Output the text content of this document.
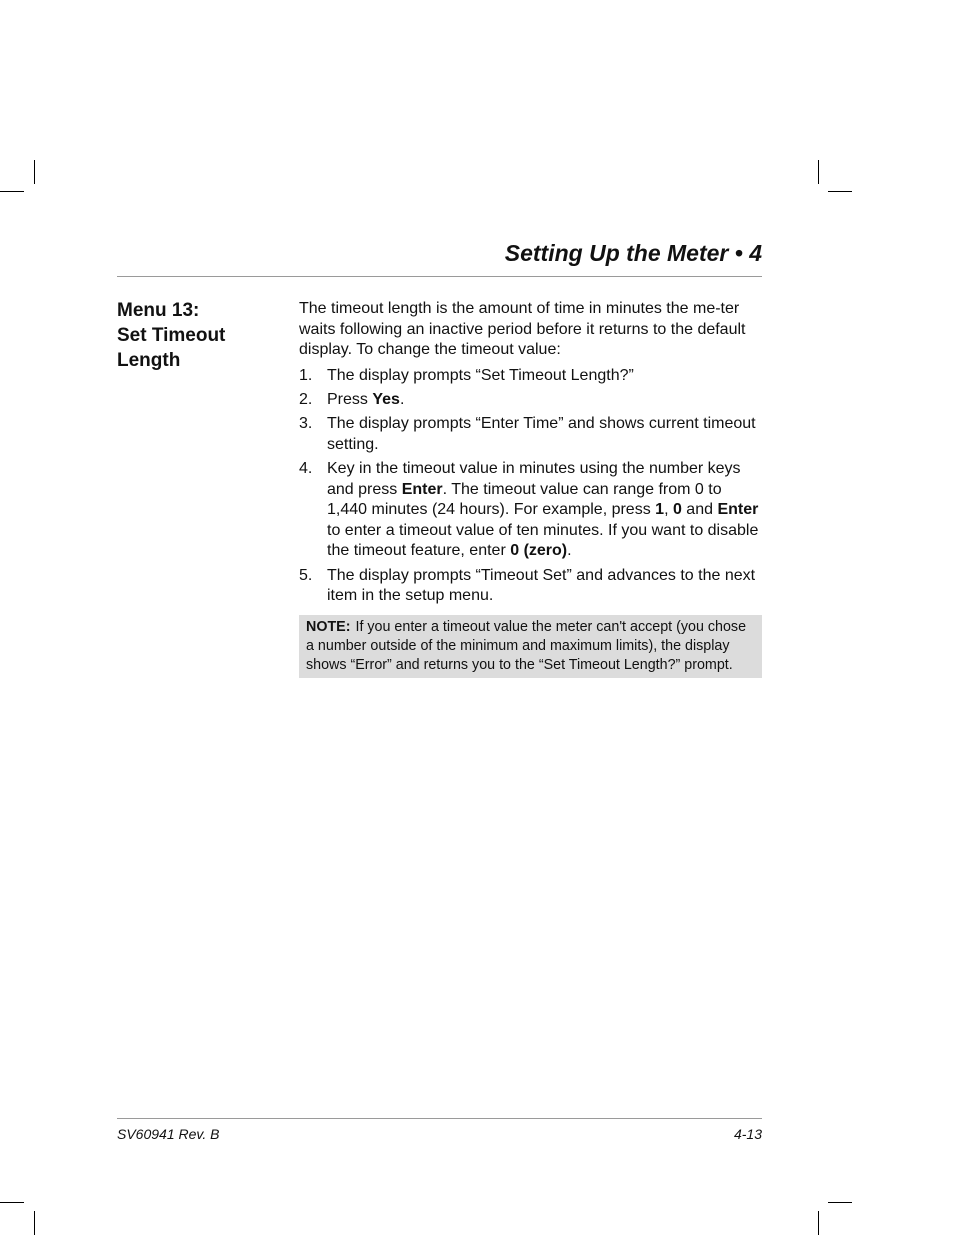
Setting Up the Meter • 4
Menu 13:
Set Timeout
Length

The timeout length is the amount of time in minutes the me-ter waits following an inactive period before it returns to the default display. To change the timeout value:

1. The display prompts “Set Timeout Length?”
2. Press Yes.
3. The display prompts “Enter Time” and shows current timeout setting.
4. Key in the timeout value in minutes using the number keys and press Enter. The timeout value can range from 0 to 1,440 minutes (24 hours). For example, press 1, 0 and Enter to enter a timeout value of ten minutes. If you want to disable the timeout feature, enter 0 (zero).
5. The display prompts “Timeout Set” and advances to the next item in the setup menu.
NOTE: If you enter a timeout value the meter can't accept (you chose a number outside of the minimum and maximum limits), the display shows “Error” and returns you to the “Set Timeout Length?” prompt.
SV60941 Rev. B	4-13
